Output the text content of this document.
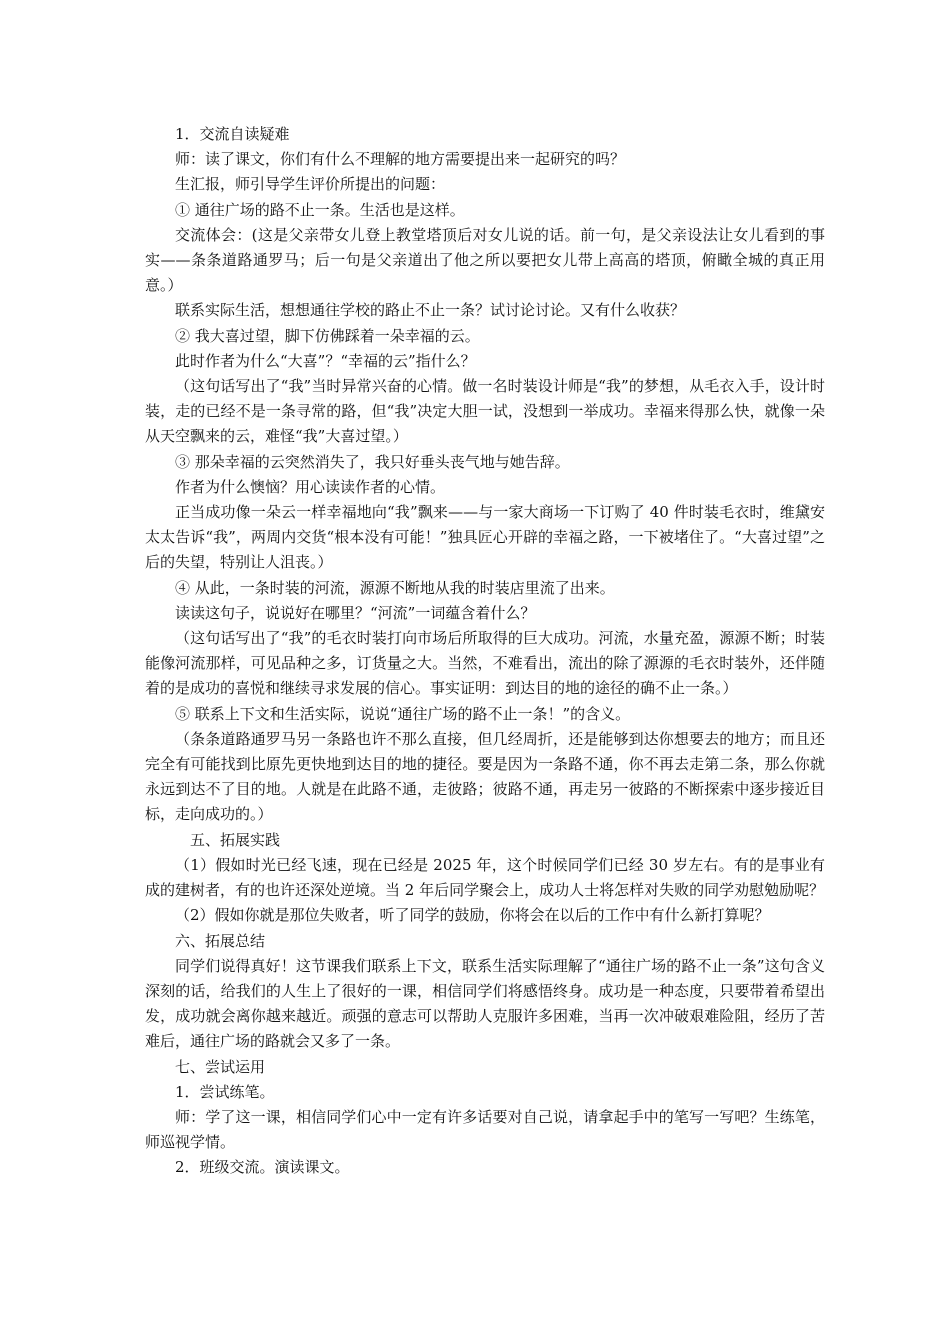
1．交流自读疑难

师：读了课文，你们有什么不理解的地方需要提出来一起研究的吗？

生汇报，师引导学生评价所提出的问题：

① 通往广场的路不止一条。生活也是这样。

交流体会：(这是父亲带女儿登上教堂塔顶后对女儿说的话。前一句，是父亲设法让女儿看到的事实——条条道路通罗马；后一句是父亲道出了他之所以要把女儿带上高高的塔顶，俯瞰全城的真正用意。）

联系实际生活，想想通往学校的路止不止一条？试讨论讨论。又有什么收获？

② 我大喜过望，脚下仿佛踩着一朵幸福的云。

此时作者为什么“大喜”？“幸福的云”指什么？

（这句话写出了“我”当时异常兴奋的心情。做一名时装设计师是“我”的梦想，从毛衣入手，设计时装，走的已经不是一条寻常的路，但“我”决定大胆一试，没想到一举成功。幸福来得那么快，就像一朵从天空飘来的云，难怪“我”大喜过望。）

③ 那朵幸福的云突然消失了，我只好垂头丧气地与她告辞。

作者为什么懊恼？用心读读作者的心情。

正当成功像一朵云一样幸福地向“我”飘来——与一家大商场一下订购了 40 件时装毛衣时，维黛安太太告诉“我”，两周内交货“根本没有可能！”独具匠心开辟的幸福之路，一下被堵住了。“大喜过望”之后的失望，特别让人沮丧。）

④ 从此，一条时装的河流，源源不断地从我的时装店里流了出来。

读读这句子，说说好在哪里？“河流”一词蕴含着什么？

（这句话写出了“我”的毛衣时装打向市场后所取得的巨大成功。河流，水量充盈，源源不断；时装能像河流那样，可见品种之多，订货量之大。当然，不难看出，流出的除了源源的毛衣时装外，还伴随着的是成功的喜悦和继续寻求发展的信心。事实证明：到达目的地的途径的确不止一条。）

⑤ 联系上下文和生活实际，说说“通往广场的路不止一条！”的含义。

（条条道路通罗马另一条路也许不那么直接，但几经周折，还是能够到达你想要去的地方；而且还完全有可能找到比原先更快地到达目的地的捷径。要是因为一条路不通，你不再去走第二条，那么你就永远到达不了目的地。人就是在此路不通，走彼路；彼路不通，再走另一彼路的不断探索中逐步接近目标，走向成功的。）

五、拓展实践

（1）假如时光已经飞速，现在已经是 2025 年，这个时候同学们已经 30 岁左右。有的是事业有成的建树者，有的也许还深处逆境。当 2 年后同学聚会上，成功人士将怎样对失败的同学劝慰勉励呢？

（2）假如你就是那位失败者，听了同学的鼓励，你将会在以后的工作中有什么新打算呢？

六、拓展总结

同学们说得真好！这节课我们联系上下文，联系生活实际理解了“通往广场的路不止一条”这句含义深刻的话，给我们的人生上了很好的一课，相信同学们将感悟终身。成功是一种态度，只要带着希望出发，成功就会离你越来越近。顽强的意志可以帮助人克服许多困难，当再一次冲破艰难险阻，经历了苦难后，通往广场的路就会又多了一条。

七、尝试运用

1．尝试练笔。

师：学了这一课，相信同学们心中一定有许多话要对自己说，请拿起手中的笔写一写吧？生练笔，师巡视学情。

2．班级交流。演读课文。
